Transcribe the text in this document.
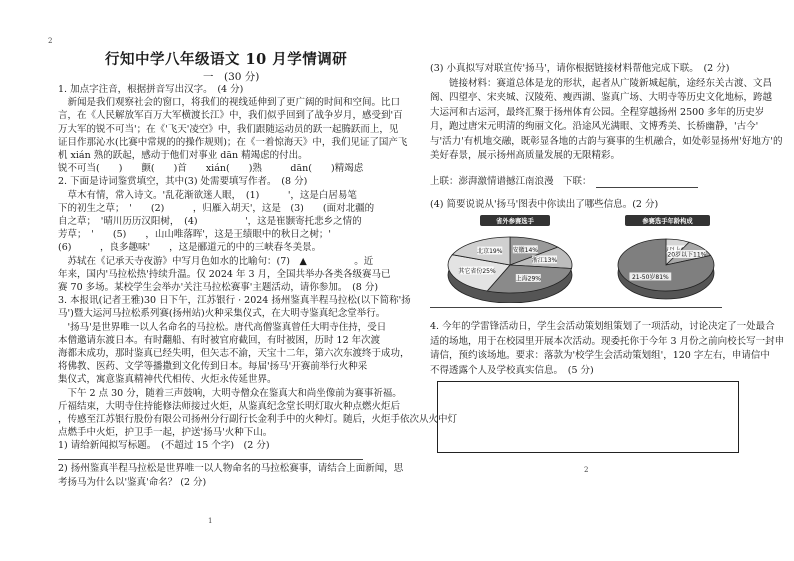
2
行知中学八年级语文 10 月学情调研
一　(30 分)
1. 加点字注音，根据拼音写出汉字。　(4 分)
　新闻是我们观察社会的窗口，将我们的视线延伸到了更广阔的时间和空间。比口
言，在《人民解放军百万大军横渡长江》中，我们似乎回到了战争岁月，感受到'百
万大军的锐不可当'；在《'飞天'凌空》中，我们跟随运动员的跃一起腾跃而上，见
证目作那沁水(比赛中常规的的操作规则)；在《一着惊海天》中，我们见证了国产飞
机 xián 熟的跃起，感动于他们对事业 dān 精竭虑的付出。
锐不可当(　　)　　颤(　　)首　　xián(　　)熟　　　dān(　　)精竭虑
2. 下面是诗词鉴赏填空，其中(3) 处需要填写作者。　(8 分)
　草木有情，常入诗文。'乱花渐欲迷人眼，　(1)　　　'，这是白居易笔
下的初生之草；　'　　(2)　　　，归雁入胡天'，这是　(3)　　(面对北疆的
自之草；　'晴川历历汉阳树，　(4)　　　　　'，这是崔颢寄托悲乡之情的
芳草；　'　　(5)　　，山山唯落晖'，这是王绩眼中的秋日之树；'　　
(6)　　　，良多趣味'　　，这是郦道元的中的三峡春冬美景。
　苏轼在《记承天寺夜游》中写月色如水的比喻句：(7)　▲　　　　　。近
年来，国内'马拉松热'持续升温。仅 2024 年 3 月，全国共举办各类各级赛马已
赛 70 多场。某校学生会举办'关注马拉松赛事'主题活动，请你参加。　(8 分)
3. 本报讯(记者王雅)30 日下午，江苏银行 · 2024 扬州鉴真半程马拉松(以下简称'扬
马')暨大运河马拉松系列赛(扬州站)火种采集仪式，在大明寺鉴真纪念堂举行。
　'扬马'是世界唯一以人名命名的马拉松。唐代高僧鉴真曾任大明寺住持，受日
本僧邀请东渡日本。有时翻船、有时被官府截回，有时被困，历时 12 年次渡
海都未成功，那时鉴真已经失明，但矢志不渝，天宝十二年，第六次东渡终于成功，
将佛教、医药、文学等播撒到文化传到日本。每届'扬马'开赛前举行火种采
集仪式，寓意鉴真精神代代相传、火炬永传延世界。
　下午 2 点 30 分，随着三声鼓响，大明寺僧众在鉴真大和尚坐像前为赛事祈福。
斤福结束，大明寺住持能修法师接过火炬，从鉴真纪念堂长明灯取火种点燃火炬后
，传感至江苏银行股份有限公司扬州分行副行长金利手中的火种灯。随后，火炬手依次从火中灯
点燃手中火炬，护卫手一起，护送'扬马'火种下山。
1) 请给新闻拟写标题。　(不超过 15 个字)　(2 分)
2) 扬州鉴真半程马拉松是世界唯一以人物命名的马拉松赛事，请结合上面新闻，思
考扬马为什么以'鉴真'命名？ (2 分)
1
(3) 小真拟写对联宣传'扬马'，请你根据链接材料帮他完成下联。　(2 分)
　　链接材料：赛道总体是龙的形状，起者从广陵新城起航，途经东关古渡、文昌
阁、四望亭、宋夹城、汉陵苑、瘦西湖、鉴真广场、大明寺等历史文化地标，跨越
大运河和古运河，最终汇聚于扬州体育公园。全程穿越扬州 2500 多年的历史岁
月，跑过唐宋元明清的绚丽文化。沿途风光满眼、文博秀美、长桥幽静，'古今'
与'活力'有机地交融，既彰显各地的古韵与赛事的生机融合，如处彰显扬州'好地方'的
美好春景，展示扬州高质量发展的无限精彩。
上联：澎湃激情谱撼江南浪漫　下联：
(4) 简要说说从'扬马'图表中你读出了哪些信息。(2 分)
安徽14%
浙江13%
上海29%
其它省份25%
北京19%
省外参赛选手
20岁以下11%
21-50岁81%
参赛选手年龄构成
4. 今年的学雷锋活动日，学生会活动策划组策划了一项活动，讨论决定了一处最合
适的场地，用于在校园里开展本次活动。现委托你于今年 3 月份之前向校长写一封申
请信，预约该场地。要求：落款为'校学生会活动策划组'，120 字左右，申请信中
不得透露个人及学校真实信息。　(5 分)
2
